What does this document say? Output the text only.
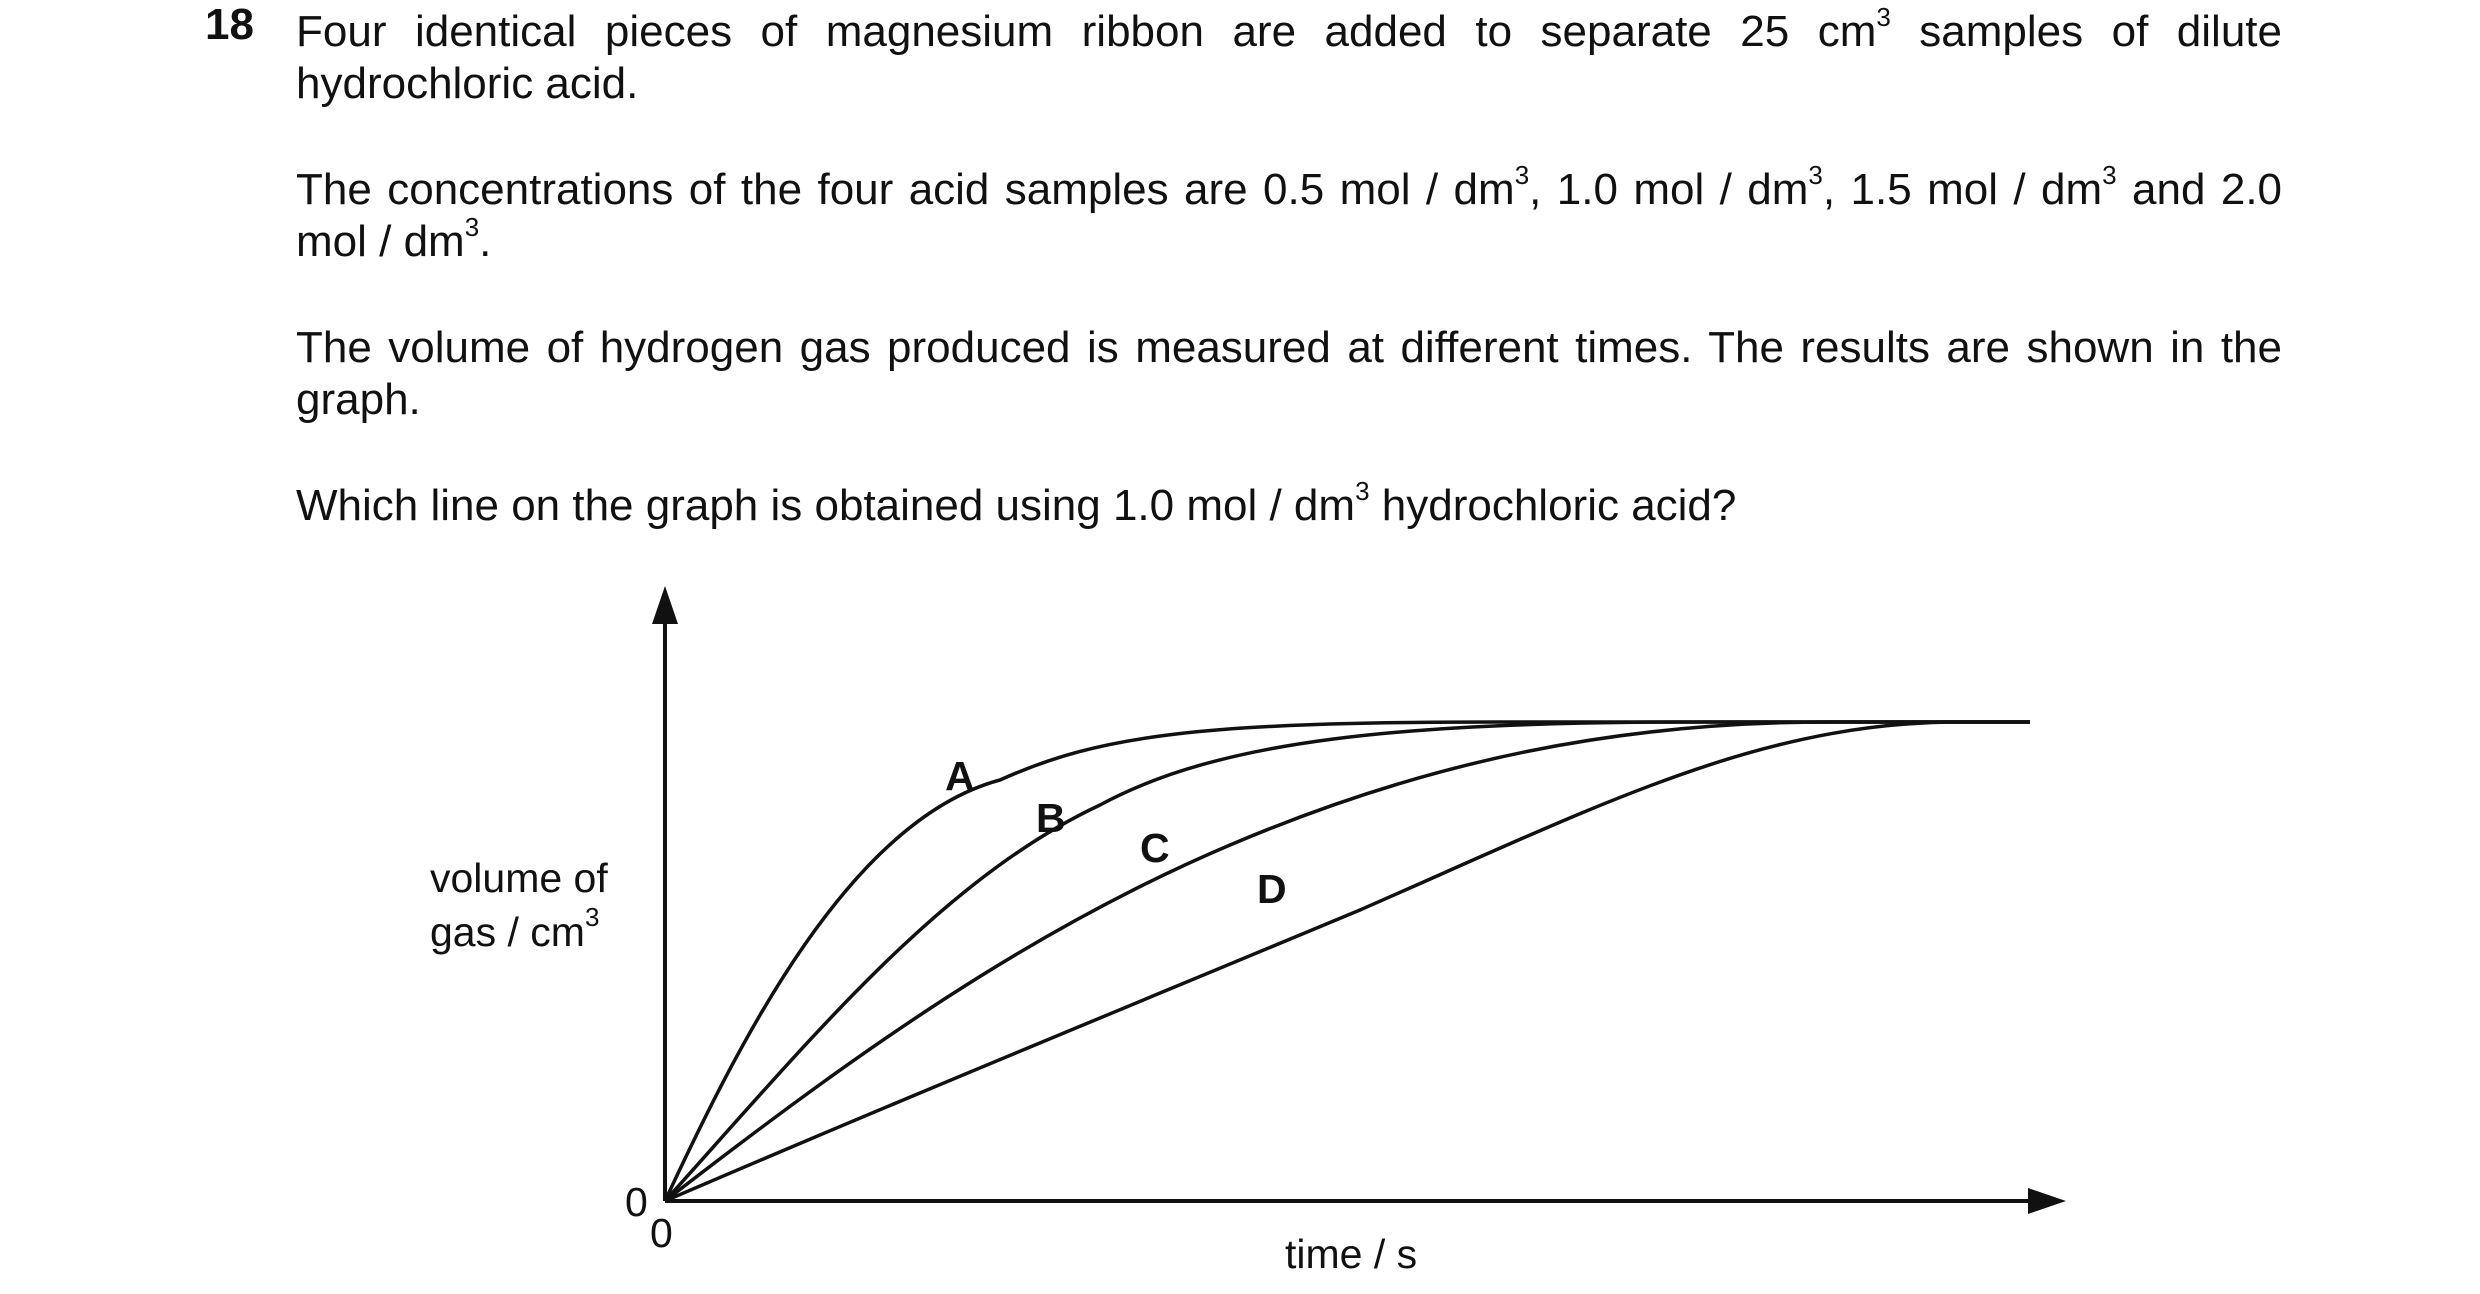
18 Four identical pieces of magnesium ribbon are added to separate 25 $cm^3$ samples of dilute hydrochloric acid.

The concentrations of the four acid samples are 0.5 mol / $dm^3$, 1.0 mol / $dm^3$, 1.5 mol / $dm^3$ and 2.0 mol / $dm^3$.

The volume of hydrogen gas produced is measured at different times. The results are shown in the graph.

Which line on the graph is obtained using 1.0 mol / $dm^3$ hydrochloric acid?

A
B
C
D
0
0
volume of
gas / $cm^3$
time / s
